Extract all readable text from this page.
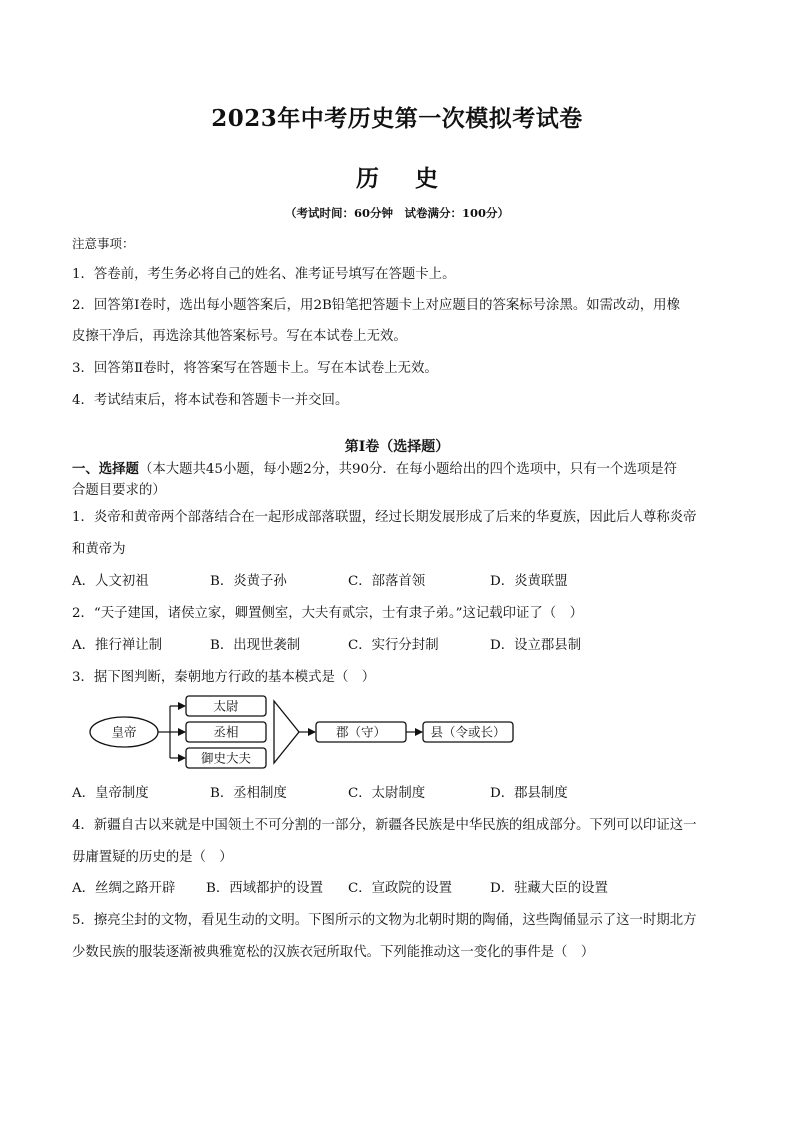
2023年中考历史第一次模拟考试卷
历 史
（考试时间：60分钟　试卷满分：100分）
注意事项：
1．答卷前，考生务必将自己的姓名、准考证号填写在答题卡上。
2．回答第Ⅰ卷时，选出每小题答案后，用2B铅笔把答题卡上对应题目的答案标号涂黑。如需改动，用橡
皮擦干净后，再选涂其他答案标号。写在本试卷上无效。
3．回答第Ⅱ卷时，将答案写在答题卡上。写在本试卷上无效。
4．考试结束后，将本试卷和答题卡一并交回。
第Ⅰ卷（选择题）
一、选择题（本大题共45小题，每小题2分，共90分．在每小题给出的四个选项中，只有一个选项是符
合题目要求的）
1．炎帝和黄帝两个部落结合在一起形成部落联盟，经过长期发展形成了后来的华夏族，因此后人尊称炎帝
和黄帝为
A．人文初祖	B．炎黄子孙	C．部落首领	D．炎黄联盟
2．“天子建国，诸侯立家，卿置侧室，大夫有贰宗，士有隶子弟。”这记载印证了（　）
A．推行禅让制	B．出现世袭制	C．实行分封制	D．设立郡县制
3．据下图判断，秦朝地方行政的基本模式是（　）
皇帝
太尉
丞相
御史大夫
郡（守）	县（令或长）
A．皇帝制度	B．丞相制度	C．太尉制度	D．郡县制度
4．新疆自古以来就是中国领土不可分割的一部分，新疆各民族是中华民族的组成部分。下列可以印证这一
毋庸置疑的历史的是（　）
A．丝绸之路开辟 B．西域都护的设置 C．宣政院的设置	D．驻藏大臣的设置
5．擦亮尘封的文物，看见生动的文明。下图所示的文物为北朝时期的陶俑，这些陶俑显示了这一时期北方
少数民族的服装逐渐被典雅宽松的汉族衣冠所取代。下列能推动这一变化的事件是（　）
